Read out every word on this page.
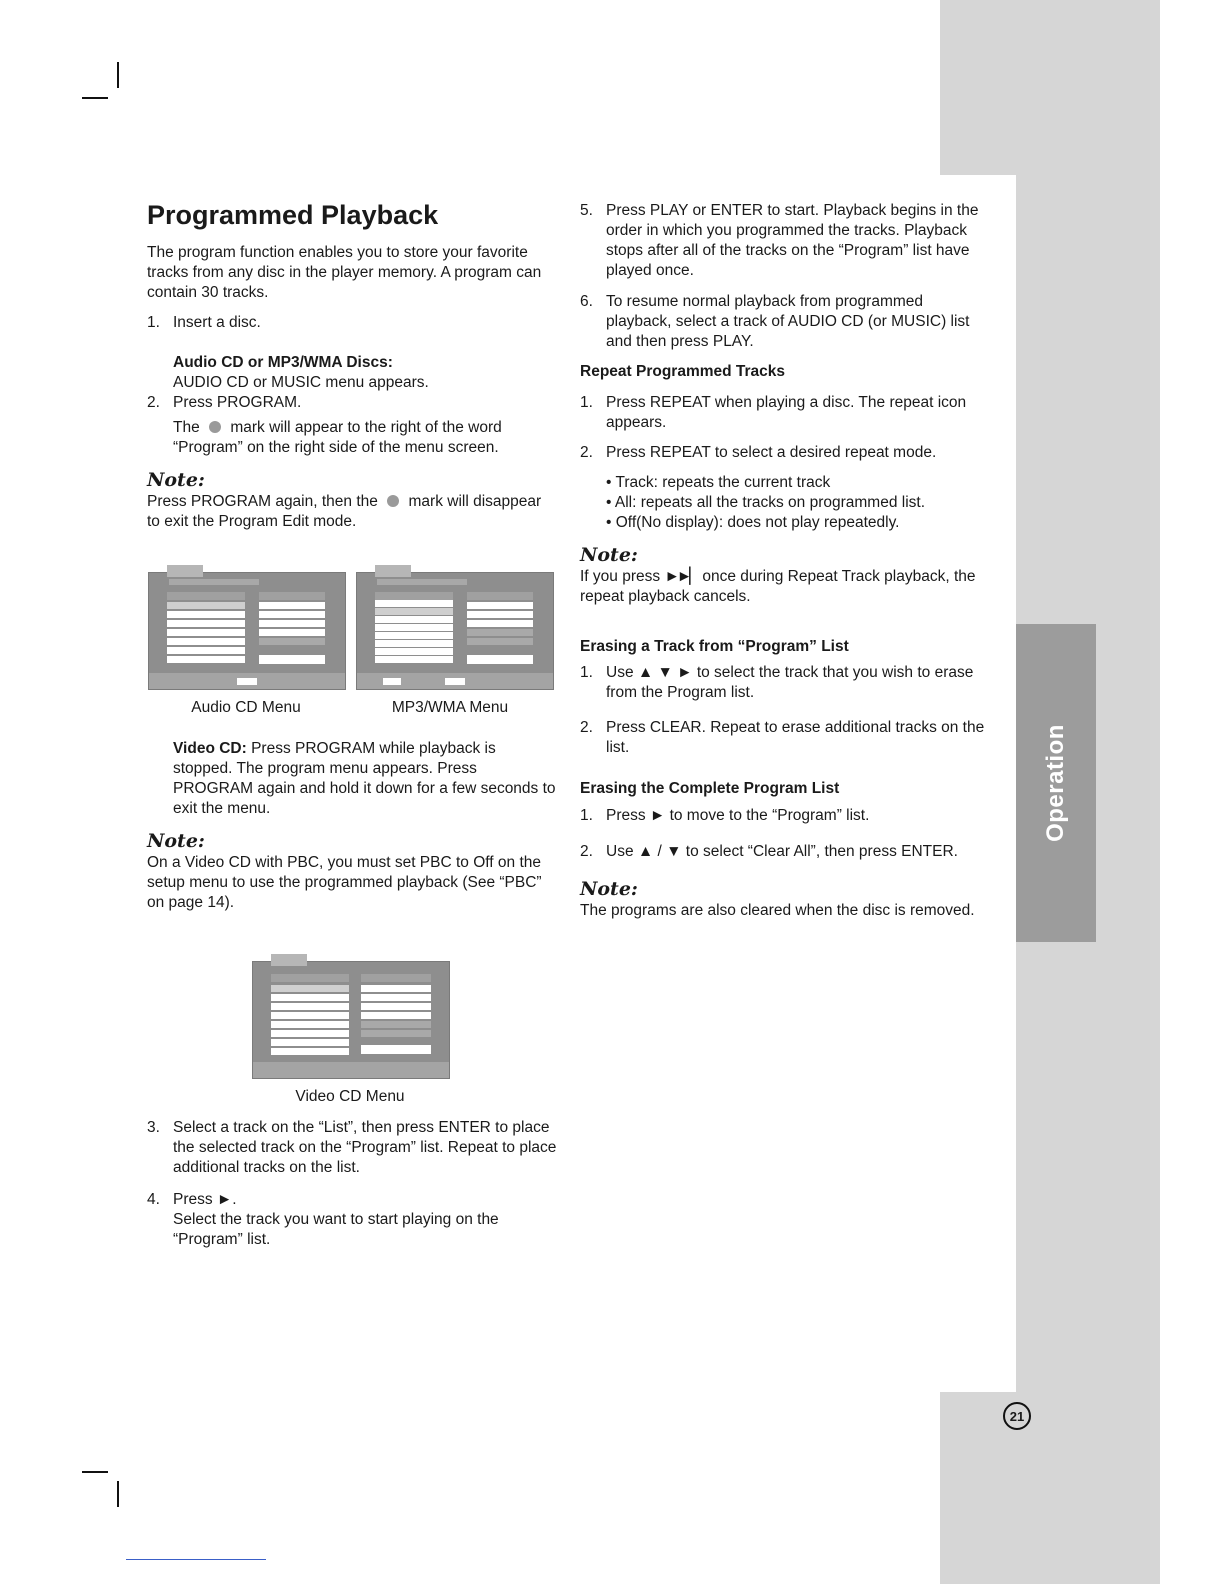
Operation
21
Programmed Playback

The program function enables you to store your favorite tracks from any disc in the player memory. A program can contain 30 tracks.

1. Insert a disc.
Audio CD or MP3/WMA Discs:
AUDIO CD or MUSIC menu appears.
2. Press PROGRAM.
The mark will appear to the right of the word “Program” on the right side of the menu screen.
Note:
Press PROGRAM again, then the mark will disappear to exit the Program Edit mode.
Audio CD Menu	MP3/WMA Menu
Video CD: Press PROGRAM while playback is stopped. The program menu appears. Press PROGRAM again and hold it down for a few seconds to exit the menu.
Note:
On a Video CD with PBC, you must set PBC to Off on the setup menu to use the programmed playback (See “PBC” on page 14).
Video CD Menu
3. Select a track on the “List”, then press ENTER to place the selected track on the “Program” list. Repeat to place additional tracks on the list.
4. Press ►.
Select the track you want to start playing on the “Program” list.
5. Press PLAY or ENTER to start. Playback begins in the order in which you programmed the tracks. Playback stops after all of the tracks on the “Program” list have played once.
6. To resume normal playback from programmed playback, select a track of AUDIO CD (or MUSIC) list and then press PLAY.
Repeat Programmed Tracks
1. Press REPEAT when playing a disc. The repeat icon appears.
2. Press REPEAT to select a desired repeat mode.
• Track: repeats the current track
• All: repeats all the tracks on programmed list.
• Off(No display): does not play repeatedly.
Note:
If you press ►►▏ once during Repeat Track playback, the repeat playback cancels.
Erasing a Track from “Program” List
1. Use ▲ ▼ ► to select the track that you wish to erase from the Program list.
2. Press CLEAR. Repeat to erase additional tracks on the list.
Erasing the Complete Program List
1. Press ► to move to the “Program” list.
2. Use ▲ / ▼ to select “Clear All”, then press ENTER.
Note:
The programs are also cleared when the disc is removed.
